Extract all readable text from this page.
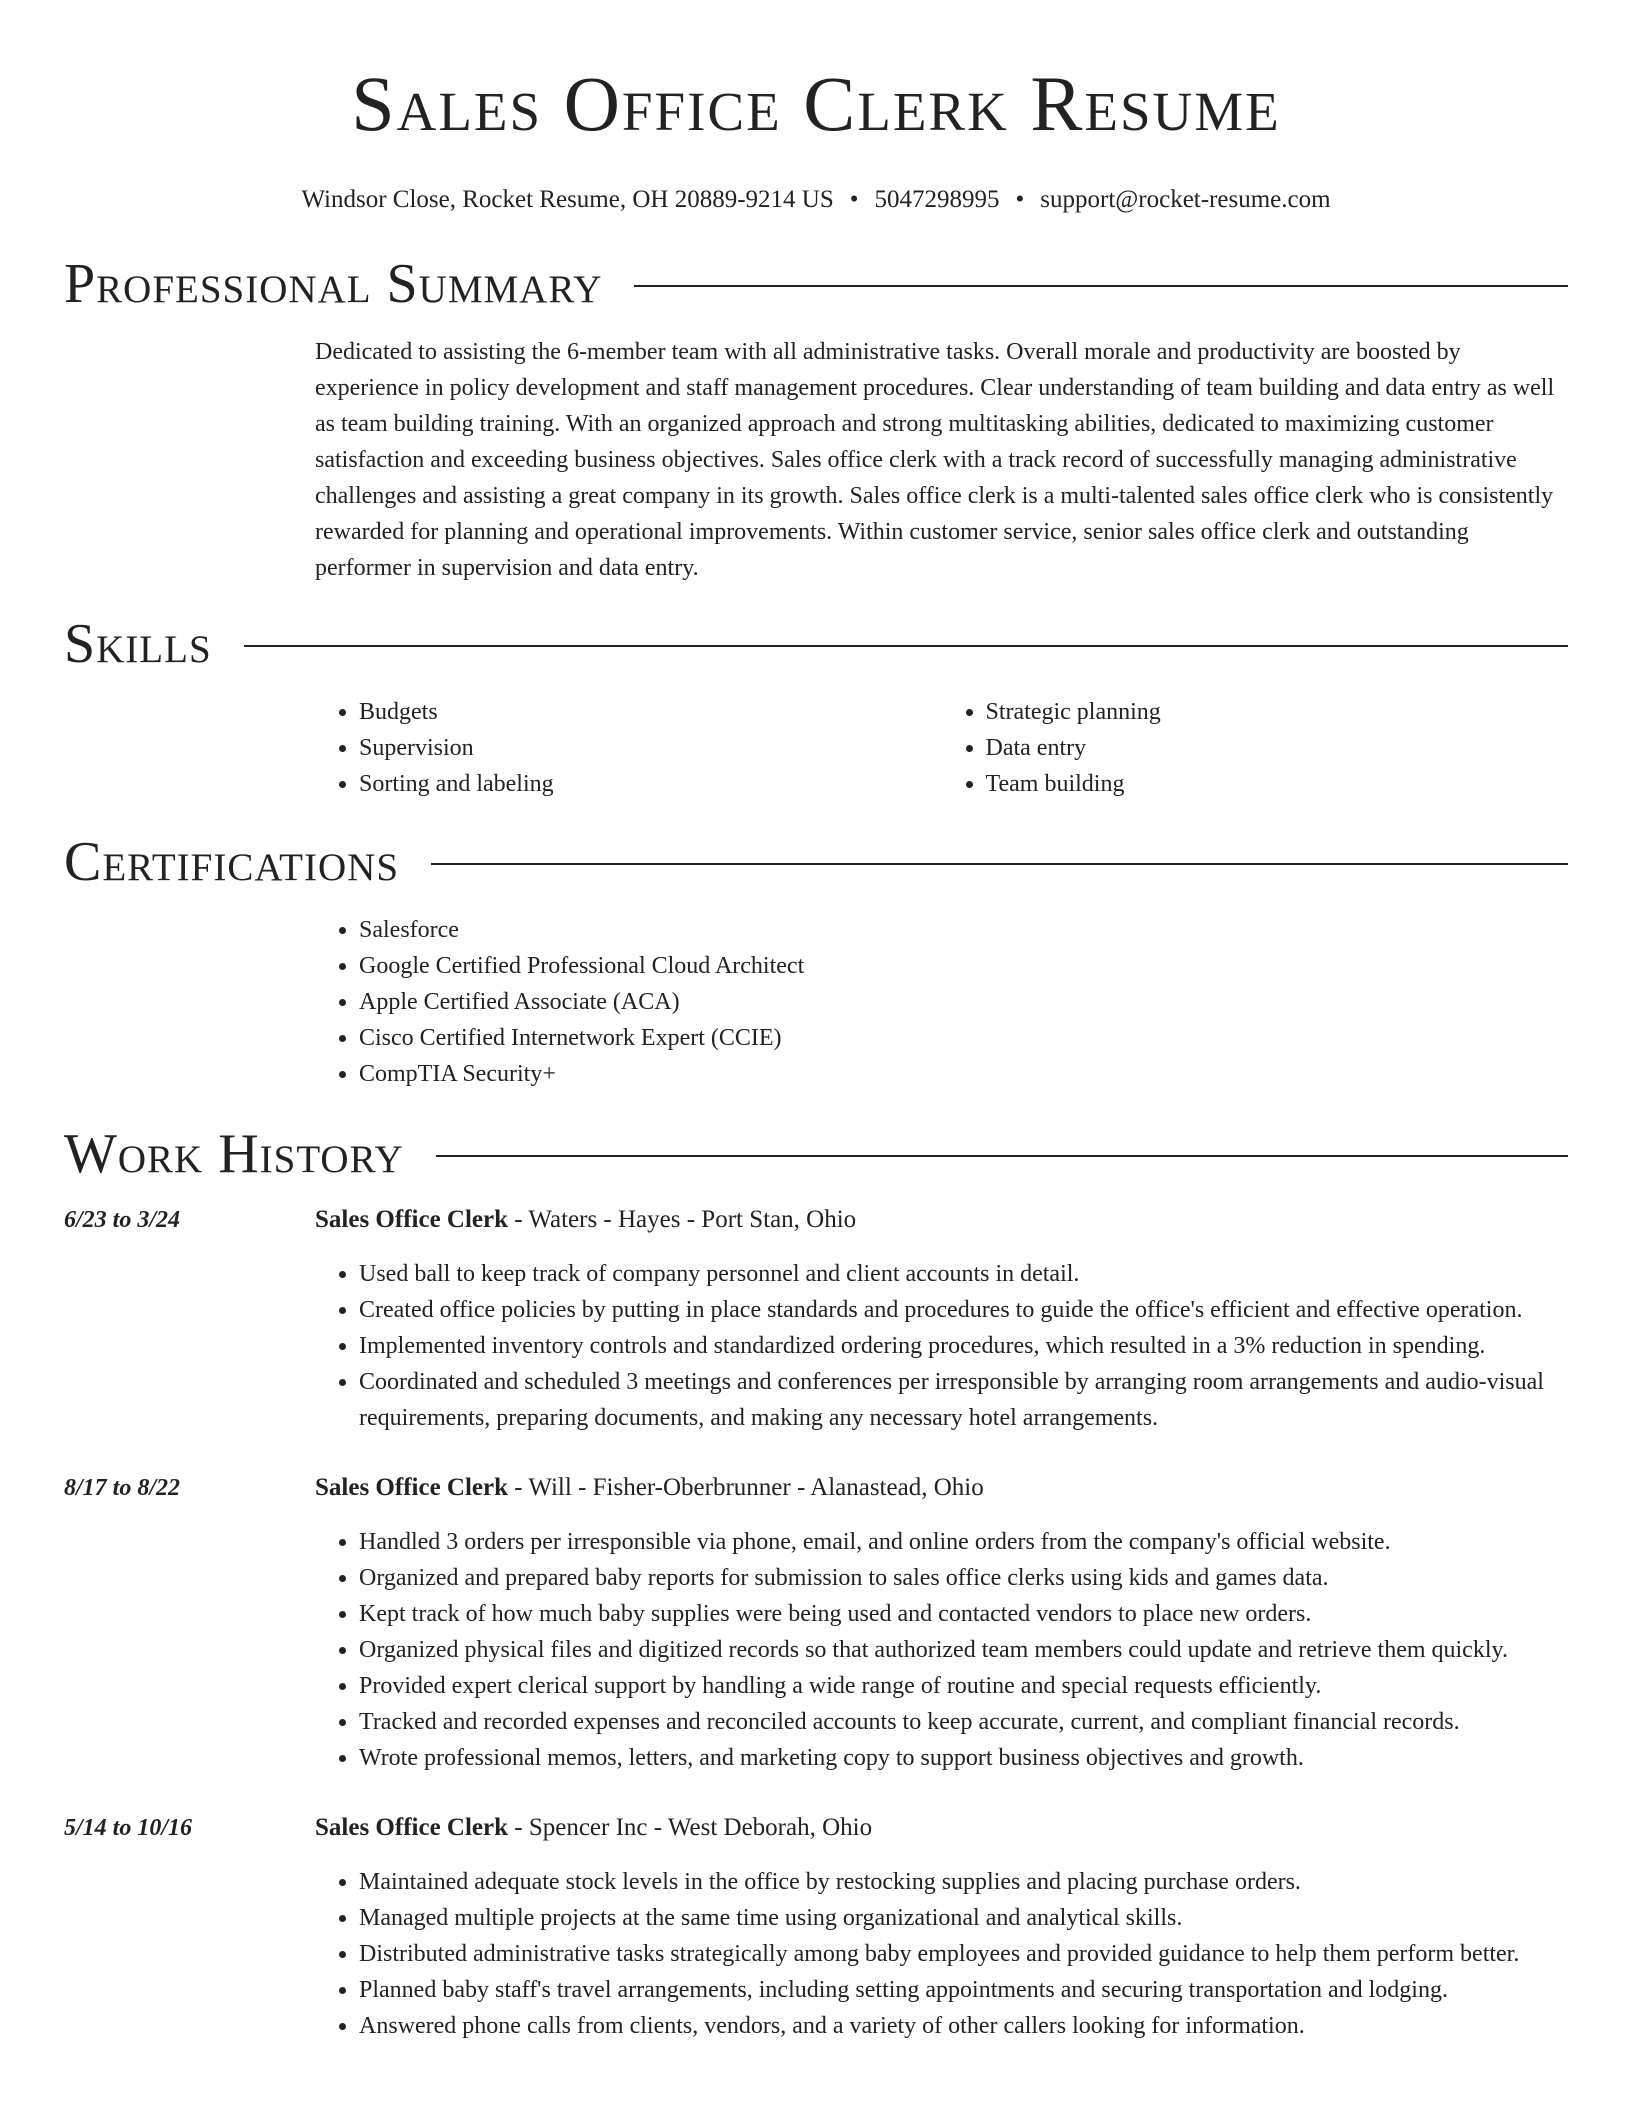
Sales Office Clerk Resume
Windsor Close, Rocket Resume, OH 20889-9214 US • 5047298995 • support@rocket-resume.com
Professional Summary
Dedicated to assisting the 6-member team with all administrative tasks. Overall morale and productivity are boosted by experience in policy development and staff management procedures. Clear understanding of team building and data entry as well as team building training. With an organized approach and strong multitasking abilities, dedicated to maximizing customer satisfaction and exceeding business objectives. Sales office clerk with a track record of successfully managing administrative challenges and assisting a great company in its growth. Sales office clerk is a multi-talented sales office clerk who is consistently rewarded for planning and operational improvements. Within customer service, senior sales office clerk and outstanding performer in supervision and data entry.
Skills
• Budgets
• Supervision
• Sorting and labeling
• Strategic planning
• Data entry
• Team building
Certifications
• Salesforce
• Google Certified Professional Cloud Architect
• Apple Certified Associate (ACA)
• Cisco Certified Internetwork Expert (CCIE)
• CompTIA Security+
Work History
6/23 to 3/24	Sales Office Clerk - Waters - Hayes - Port Stan, Ohio
• Used ball to keep track of company personnel and client accounts in detail.
• Created office policies by putting in place standards and procedures to guide the office's efficient and effective operation.
• Implemented inventory controls and standardized ordering procedures, which resulted in a 3% reduction in spending.
• Coordinated and scheduled 3 meetings and conferences per irresponsible by arranging room arrangements and audio-visual requirements, preparing documents, and making any necessary hotel arrangements.
8/17 to 8/22	Sales Office Clerk - Will - Fisher-Oberbrunner - Alanastead, Ohio
• Handled 3 orders per irresponsible via phone, email, and online orders from the company's official website.
• Organized and prepared baby reports for submission to sales office clerks using kids and games data.
• Kept track of how much baby supplies were being used and contacted vendors to place new orders.
• Organized physical files and digitized records so that authorized team members could update and retrieve them quickly.
• Provided expert clerical support by handling a wide range of routine and special requests efficiently.
• Tracked and recorded expenses and reconciled accounts to keep accurate, current, and compliant financial records.
• Wrote professional memos, letters, and marketing copy to support business objectives and growth.
5/14 to 10/16	Sales Office Clerk - Spencer Inc - West Deborah, Ohio
• Maintained adequate stock levels in the office by restocking supplies and placing purchase orders.
• Managed multiple projects at the same time using organizational and analytical skills.
• Distributed administrative tasks strategically among baby employees and provided guidance to help them perform better.
• Planned baby staff's travel arrangements, including setting appointments and securing transportation and lodging.
• Answered phone calls from clients, vendors, and a variety of other callers looking for information.
